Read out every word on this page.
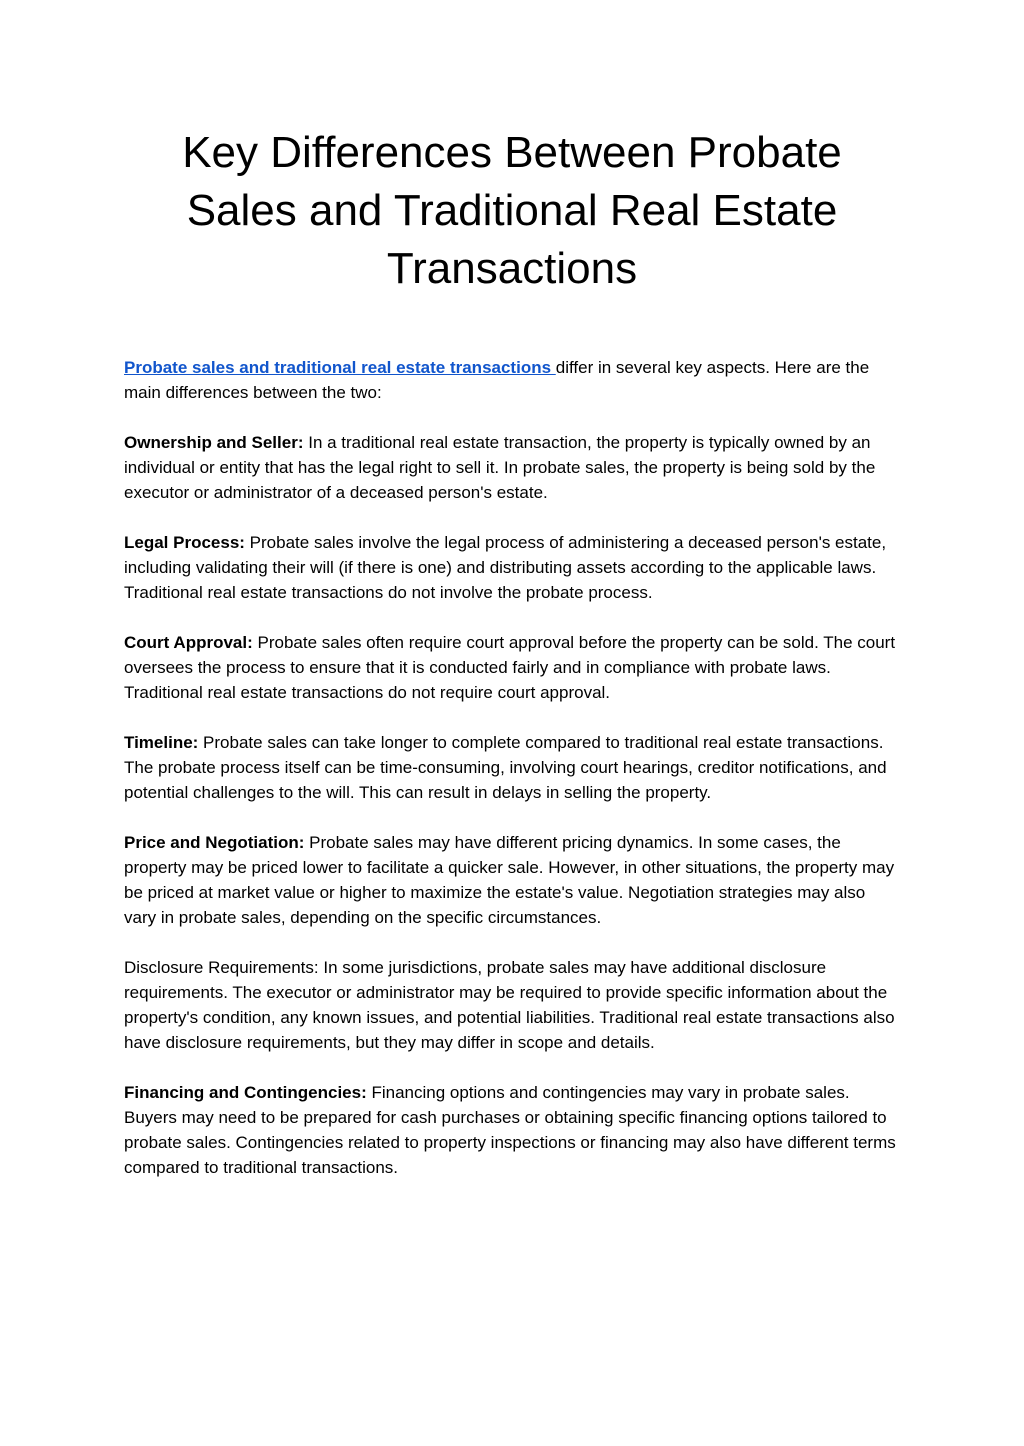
Key Differences Between Probate Sales and Traditional Real Estate Transactions

Probate sales and traditional real estate transactions differ in several key aspects. Here are the main differences between the two:

Ownership and Seller: In a traditional real estate transaction, the property is typically owned by an individual or entity that has the legal right to sell it. In probate sales, the property is being sold by the executor or administrator of a deceased person's estate.

Legal Process: Probate sales involve the legal process of administering a deceased person's estate, including validating their will (if there is one) and distributing assets according to the applicable laws. Traditional real estate transactions do not involve the probate process.

Court Approval: Probate sales often require court approval before the property can be sold. The court oversees the process to ensure that it is conducted fairly and in compliance with probate laws. Traditional real estate transactions do not require court approval.

Timeline: Probate sales can take longer to complete compared to traditional real estate transactions. The probate process itself can be time-consuming, involving court hearings, creditor notifications, and potential challenges to the will. This can result in delays in selling the property.

Price and Negotiation: Probate sales may have different pricing dynamics. In some cases, the property may be priced lower to facilitate a quicker sale. However, in other situations, the property may be priced at market value or higher to maximize the estate's value. Negotiation strategies may also vary in probate sales, depending on the specific circumstances.

Disclosure Requirements: In some jurisdictions, probate sales may have additional disclosure requirements. The executor or administrator may be required to provide specific information about the property's condition, any known issues, and potential liabilities. Traditional real estate transactions also have disclosure requirements, but they may differ in scope and details.

Financing and Contingencies: Financing options and contingencies may vary in probate sales. Buyers may need to be prepared for cash purchases or obtaining specific financing options tailored to probate sales. Contingencies related to property inspections or financing may also have different terms compared to traditional transactions.
